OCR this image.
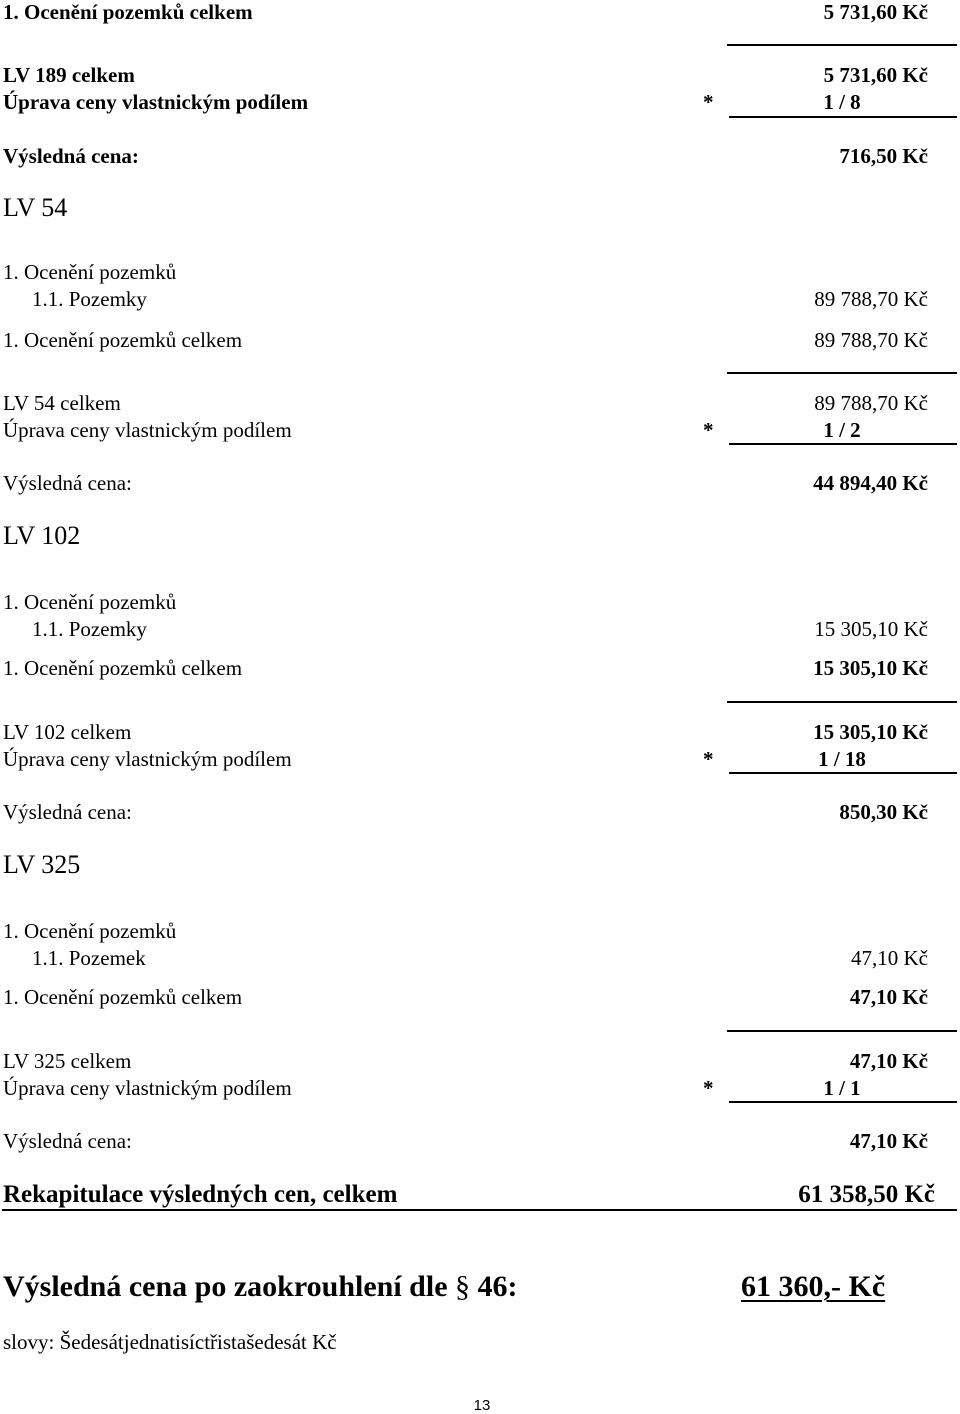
1. Ocenění pozemků celkem	5 731,60 Kč
LV 189 celkem	5 731,60 Kč
Úprava ceny vlastnickým podílem	*	1 / 8
Výsledná cena:	716,50 Kč
LV 54
1. Ocenění pozemků
1.1. Pozemky	89 788,70 Kč
1. Ocenění pozemků celkem	89 788,70 Kč
LV 54 celkem	89 788,70 Kč
Úprava ceny vlastnickým podílem	*	1 / 2
Výsledná cena:	44 894,40 Kč
LV 102
1. Ocenění pozemků
1.1. Pozemky	15 305,10 Kč
1. Ocenění pozemků celkem	15 305,10 Kč
LV 102 celkem	15 305,10 Kč
Úprava ceny vlastnickým podílem	*	1 / 18
Výsledná cena:	850,30 Kč
LV 325
1. Ocenění pozemků
1.1. Pozemek	47,10 Kč
1. Ocenění pozemků celkem	47,10 Kč
LV 325 celkem	47,10 Kč
Úprava ceny vlastnickým podílem	*	1 / 1
Výsledná cena:	47,10 Kč
Rekapitulace výsledných cen, celkem	61 358,50 Kč
Výsledná cena po zaokrouhlení dle § 46:	61 360,- Kč
slovy: Šedesátjednatisíctřistašedesát Kč
13
